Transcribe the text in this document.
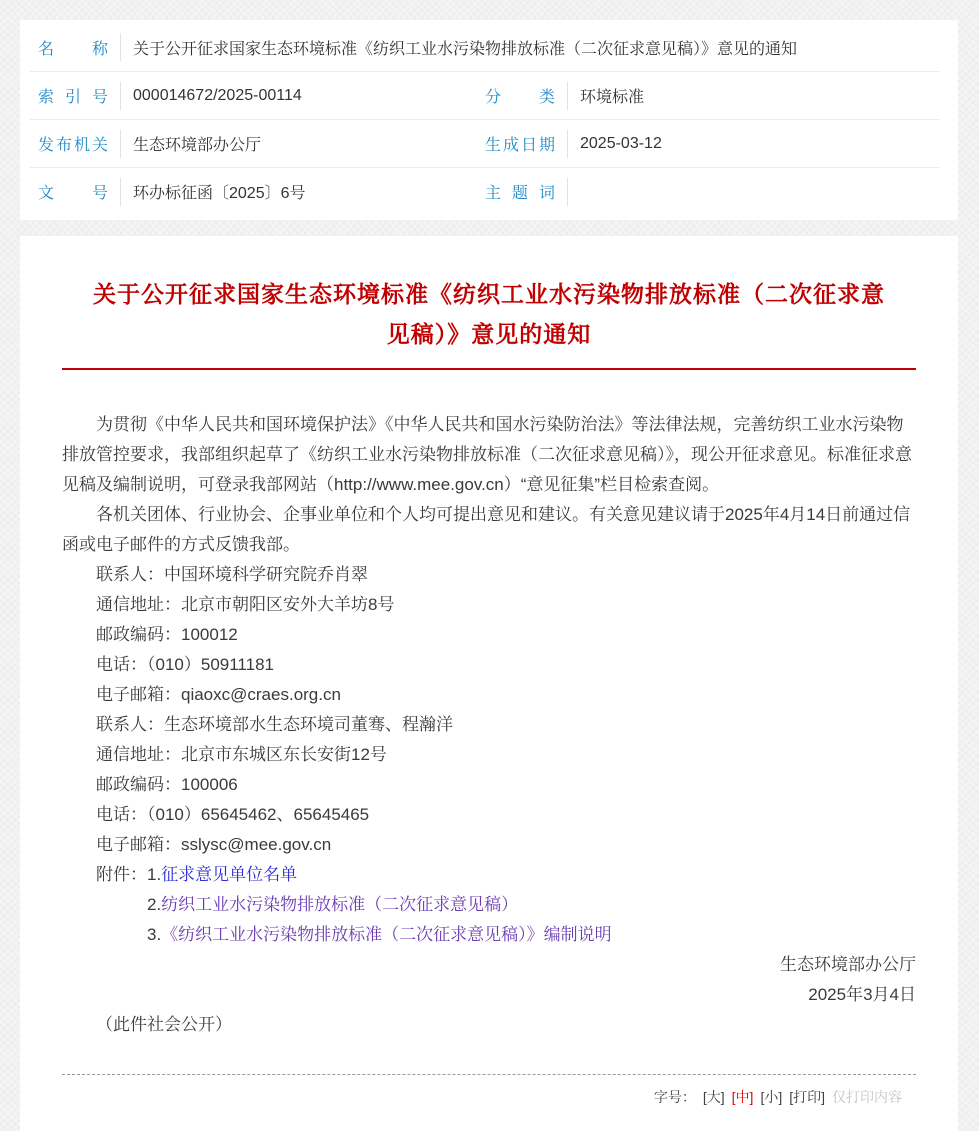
名称 关于公开征求国家生态环境标准《纺织工业水污染物排放标准（二次征求意见稿）》意见的通知
索引号 000014672/2025-00114	分类 环境标准
发布机关 生态环境部办公厅	生成日期 2025-03-12
文号 环办标征函〔2025〕6号	主题词
关于公开征求国家生态环境标准《纺织工业水污染物排放标准（二次征求意见稿）》意见的通知

为贯彻《中华人民共和国环境保护法》《中华人民共和国水污染防治法》等法律法规，完善纺织工业水污染物排放管控要求，我部组织起草了《纺织工业水污染物排放标准（二次征求意见稿）》，现公开征求意见。标准征求意见稿及编制说明，可登录我部网站（http://www.mee.gov.cn）“意见征集”栏目检索查阅。

各机关团体、行业协会、企事业单位和个人均可提出意见和建议。有关意见建议请于2025年4月14日前通过信函或电子邮件的方式反馈我部。

联系人：中国环境科学研究院乔肖翠

通信地址：北京市朝阳区安外大羊坊8号

邮政编码：100012

电话：（010）50911181

电子邮箱：qiaoxc@craes.org.cn

联系人：生态环境部水生态环境司董骞、程瀚洋

通信地址：北京市东城区东长安街12号

邮政编码：100006

电话：（010）65645462、65645465

电子邮箱：sslysc@mee.gov.cn

附件：1.征求意见单位名单

2.纺织工业水污染物排放标准（二次征求意见稿）

3.《纺织工业水污染物排放标准（二次征求意见稿）》编制说明

生态环境部办公厅

2025年3月4日

（此件社会公开）

字号： [大] [中] [小] [打印] 仅打印内容
